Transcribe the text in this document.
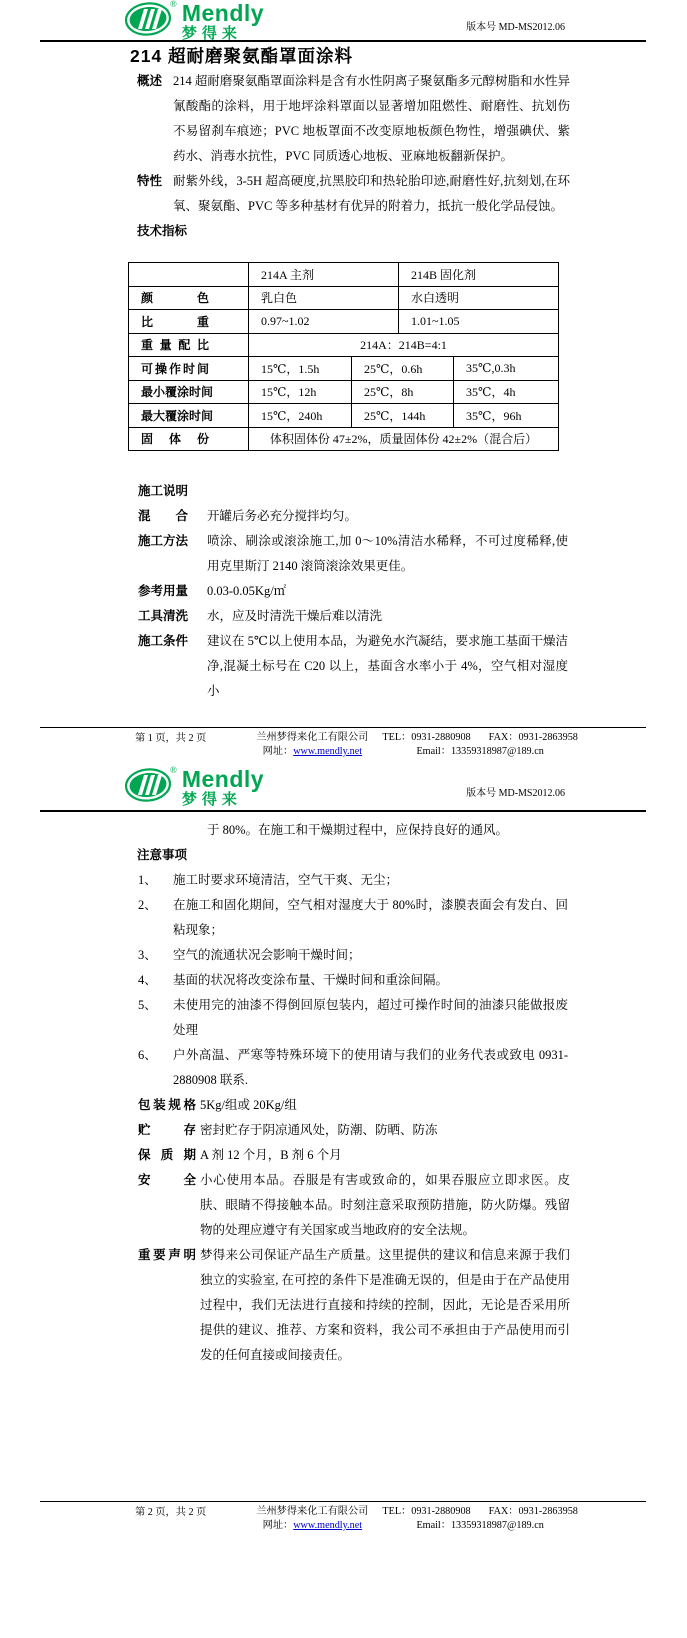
® Mendly
梦得来	版本号 MD-MS2012.06
214 超耐磨聚氨酯罩面涂料
概述 214 超耐磨聚氨酯罩面涂料是含有水性阴离子聚氨酯多元醇树脂和水性异氰酸酯的涂料，用于地坪涂料罩面以显著增加阻燃性、耐磨性、抗划伤不易留刹车痕迹；PVC 地板罩面不改变原地板颜色物性，增强碘伏、紫药水、消毒水抗性，PVC 同质透心地板、亚麻地板翻新保护。
特性 耐紫外线，3-5H 超高硬度,抗黑胶印和热轮胎印迹,耐磨性好,抗刻划,在环氧、聚氨酯、PVC 等多种基材有优异的附着力，抵抗一般化学品侵蚀。
技术指标
	214A 主剂		214B 固化剂	
颜 色	乳白色		水白透明	
比 重	0.97~1.02		1.01~1.05	
重量配比	214A：214B=4:1			
可操作时间	15℃，1.5h	25℃，0.6h		35℃,0.3h
最小覆涂时间	15℃，12h	25℃，8h		35℃，4h
最大覆涂时间	15℃，240h	25℃，144h		35℃，96h
固体份	体积固体份 47±2%，质量固体份 42±2%（混合后）			
施工说明
混 合 开罐后务必充分搅拌均匀。
施工方法 喷涂、刷涂或滚涂施工,加 0～10%清洁水稀释，不可过度稀释,使用克里斯汀 2140 滚筒滚涂效果更佳。
参考用量 0.03-0.05Kg/㎡
工具清洗 水，应及时清洗干燥后难以清洗
施工条件 建议在 5℃以上使用本品，为避免水汽凝结，要求施工基面干燥洁净,混凝土标号在 C20 以上，基面含水率小于 4%，空气相对湿度小
第 1 页，共 2 页	兰州梦得来化工有限公司
网址：www.mendly.net
TEL：0931-2880908 FAX：0931-2863958
Email：13359318987@189.cn
® Mendly
梦得来	版本号 MD-MS2012.06
于 80%。在施工和干燥期过程中，应保持良好的通风。
注意事项
1、	施工时要求环境清洁，空气干爽、无尘；
2、	在施工和固化期间，空气相对湿度大于 80%时，漆膜表面会有发白、回粘现象；
3、	空气的流通状况会影响干燥时间；
4、	基面的状况将改变涂布量、干燥时间和重涂间隔。
5、	未使用完的油漆不得倒回原包装内，超过可操作时间的油漆只能做报废处理
6、	户外高温、严寒等特殊环境下的使用请与我们的业务代表或致电 0931-2880908 联系.
包装规格 5Kg/组或 20Kg/组
贮 存 密封贮存于阴凉通风处，防潮、防晒、防冻
保 质 期 A 剂 12 个月，B 剂 6 个月
安 全 小心使用本品。吞服是有害或致命的，如果吞服应立即求医。皮肤、眼睛不得接触本品。时刻注意采取预防措施，防火防爆。残留物的处理应遵守有关国家或当地政府的安全法规。
重要声明 梦得来公司保证产品生产质量。这里提供的建议和信息来源于我们独立的实验室, 在可控的条件下是准确无误的，但是由于在产品使用过程中，我们无法进行直接和持续的控制，因此，无论是否采用所提供的建议、推荐、方案和资料，我公司不承担由于产品使用而引发的任何直接或间接责任。
第 2 页，共 2 页	兰州梦得来化工有限公司
网址：www.mendly.net
TEL：0931-2880908 FAX：0931-2863958
Email：13359318987@189.cn
